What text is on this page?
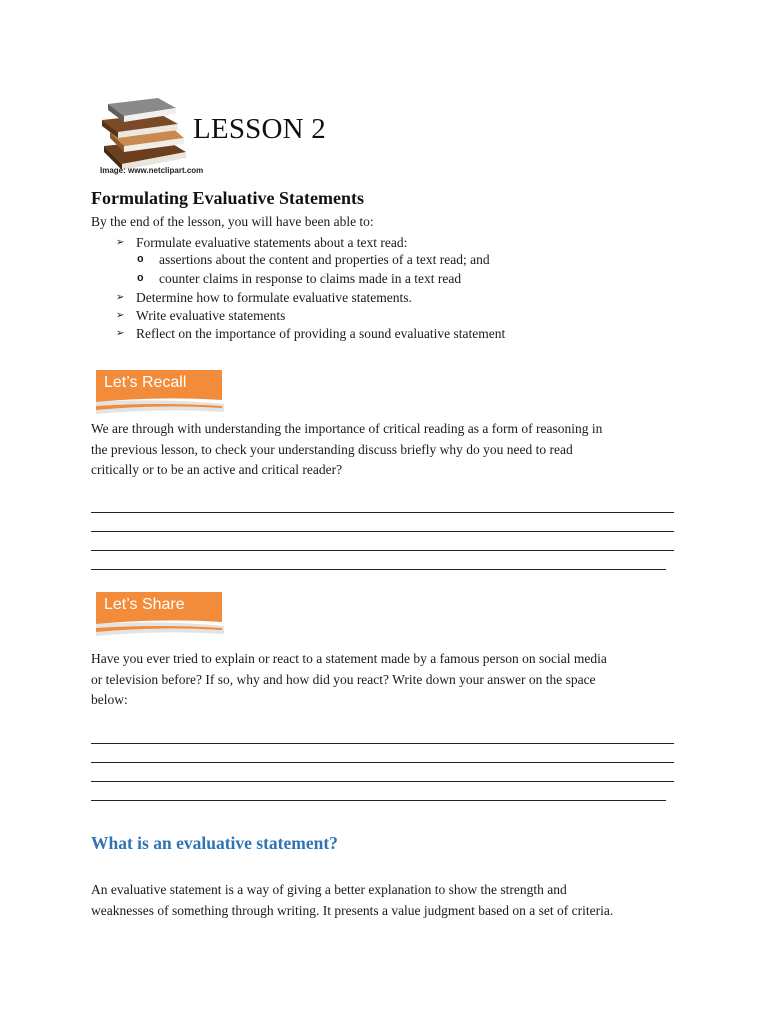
LESSON 2
Image: www.netclipart.com
Formulating Evaluative Statements
By the end of the lesson, you will have been able to:
➢ Formulate evaluative statements about a text read:
o assertions about the content and properties of a text read; and
o counter claims in response to claims made in a text read
➢ Determine how to formulate evaluative statements.
➢ Write evaluative statements
➢ Reflect on the importance of providing a sound evaluative statement
Let’s Recall
We are through with understanding the importance of critical reading as a form of reasoning in
the previous lesson, to check your understanding discuss briefly why do you need to read
critically or to be an active and critical reader?
Let’s Share
Have you ever tried to explain or react to a statement made by a famous person on social media
or television before? If so, why and how did you react? Write down your answer on the space
below:
What is an evaluative statement?
An evaluative statement is a way of giving a better explanation to show the strength and
weaknesses of something through writing. It presents a value judgment based on a set of criteria.
